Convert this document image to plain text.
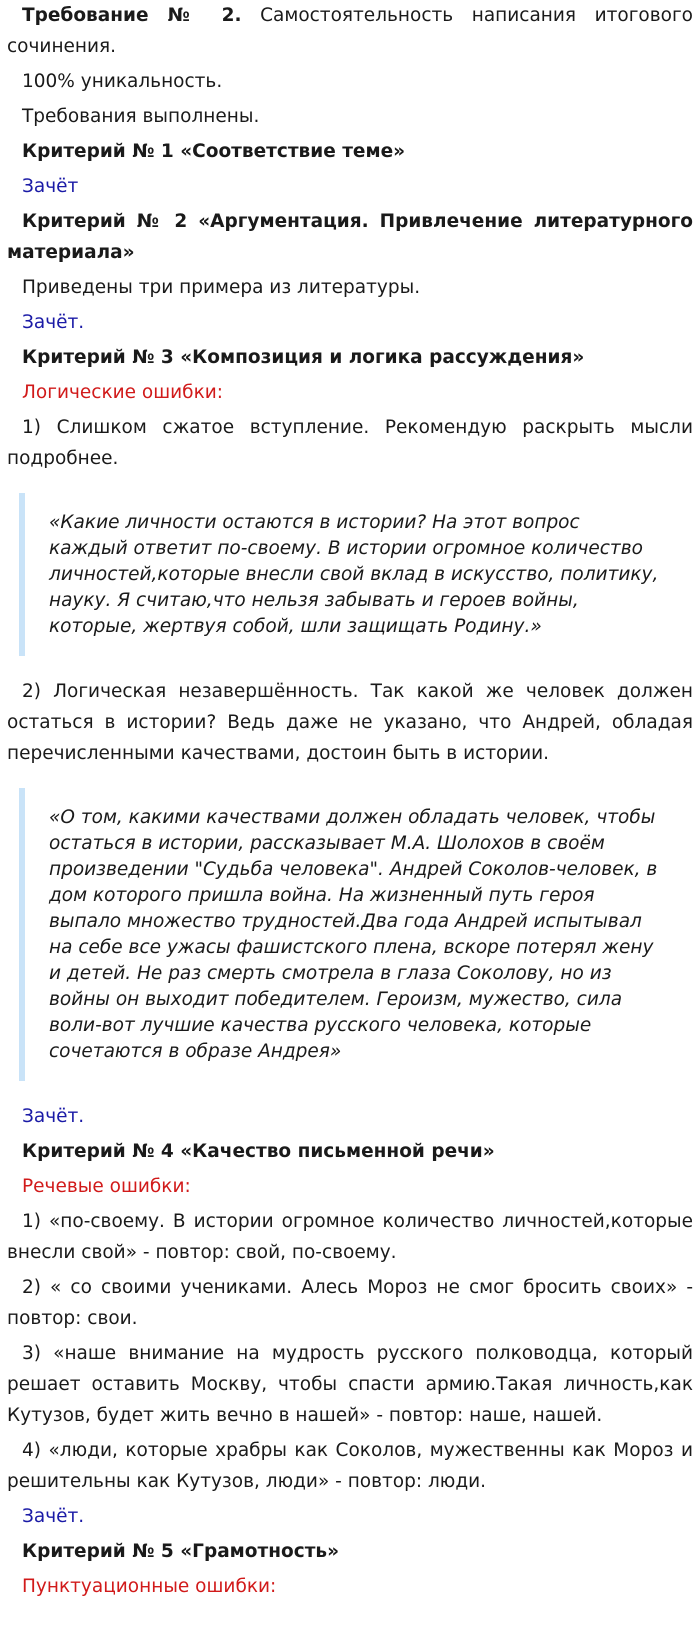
Требование № 2. Самостоятельность написания итогового сочинения.

100% уникальность.

Требования выполнены.

Критерий № 1 «Соответствие теме»

Зачёт

Критерий № 2 «Аргументация. Привлечение литературного материала»

Приведены три примера из литературы.

Зачёт.

Критерий № 3 «Композиция и логика рассуждения»

Логические ошибки:

1) Слишком сжатое вступление. Рекомендую раскрыть мысли подробнее.

«Какие личности остаются в истории? На этот вопрос каждый ответит по-своему. В истории огромное количество личностей,которые внесли свой вклад в искусство, политику, науку. Я считаю,что нельзя забывать и героев войны, которые, жертвуя собой, шли защищать Родину.»

2) Логическая незавершённость. Так какой же человек должен остаться в истории? Ведь даже не указано, что Андрей, обладая перечисленными качествами, достоин быть в истории.

«О том, какими качествами должен обладать человек, чтобы остаться в истории, рассказывает М.А. Шолохов в своём произведении "Судьба человека". Андрей Соколов-человек, в дом которого пришла война. На жизненный путь героя выпало множество трудностей.Два года Андрей испытывал на себе все ужасы фашистского плена, вскоре потерял жену и детей. Не раз смерть смотрела в глаза Соколову, но из войны он выходит победителем. Героизм, мужество, сила воли-вот лучшие качества русского человека, которые сочетаются в образе Андрея»

Зачёт.

Критерий № 4 «Качество письменной речи»

Речевые ошибки:

1) «по-своему. В истории огромное количество личностей,которые внесли свой» - повтор: свой, по-своему.

2) « со своими учениками. Алесь Мороз не смог бросить своих» - повтор: свои.

3) «наше внимание на мудрость русского полководца, который решает оставить Москву, чтобы спасти армию.Такая личность,как Кутузов, будет жить вечно в нашей» - повтор: наше, нашей.

4) «люди, которые храбры как Соколов, мужественны как Мороз и решительны как Кутузов, люди» - повтор: люди.

Зачёт.

Критерий № 5 «Грамотность»

Пунктуационные ошибки:
